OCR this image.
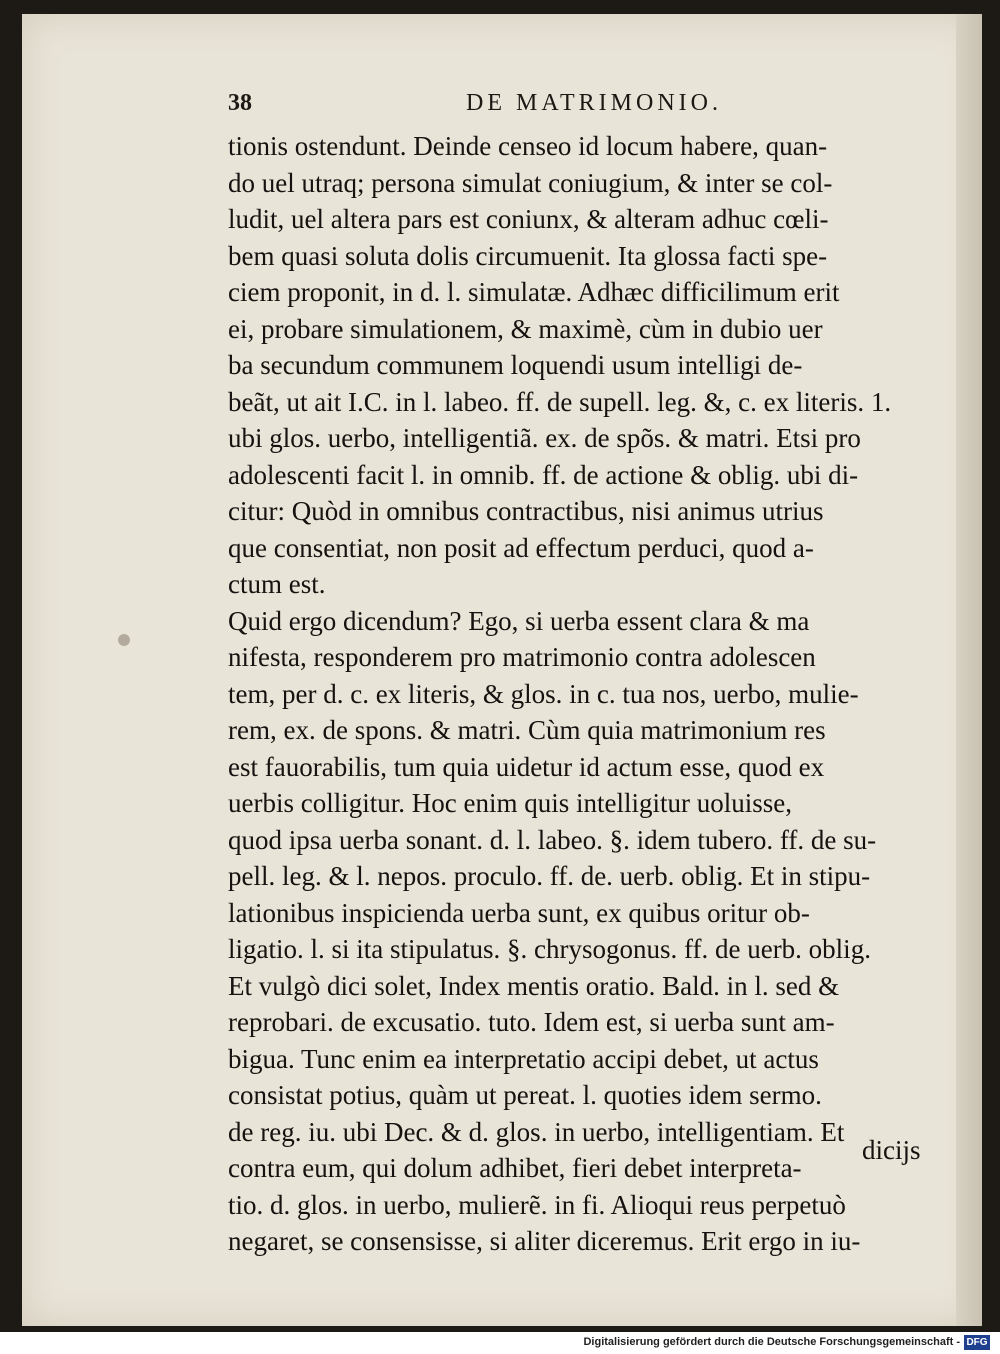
38	DE MATRIMONIO.
tionis ostendunt. Deinde censeo id locum habere, quan-
do uel utraq; persona simulat coniugium, & inter se col-
ludit, uel altera pars est coniunx, & alteram adhuc cœli-
bem quasi soluta dolis circumuenit. Ita glossa facti spe-
ciem proponit, in d. l. simulatæ. Adhæc difficilimum erit
ei, probare simulationem, & maximè, cùm in dubio uer
ba secundum communem loquendi usum intelligi de-
beãt, ut ait I.C. in l. labeo. ff. de supell. leg. &, c. ex literis. 1.
ubi glos. uerbo, intelligentiã. ex. de spõs. & matri. Etsi pro
adolescenti facit l. in omnib. ff. de actione & oblig. ubi di-
citur: Quòd in omnibus contractibus, nisi animus utrius
que consentiat, non posit ad effectum perduci, quod a-
ctum est.
Quid ergo dicendum? Ego, si uerba essent clara & ma
nifesta, responderem pro matrimonio contra adolescen
tem, per d. c. ex literis, & glos. in c. tua nos, uerbo, mulie-
rem, ex. de spons. & matri. Cùm quia matrimonium res
est fauorabilis, tum quia uidetur id actum esse, quod ex
uerbis colligitur. Hoc enim quis intelligitur uoluisse,
quod ipsa uerba sonant. d. l. labeo. §. idem tubero. ff. de su-
pell. leg. & l. nepos. proculo. ff. de. uerb. oblig. Et in stipu-
lationibus inspicienda uerba sunt, ex quibus oritur ob-
ligatio. l. si ita stipulatus. §. chrysogonus. ff. de uerb. oblig.
Et vulgò dici solet, Index mentis oratio. Bald. in l. sed &
reprobari. de excusatio. tuto. Idem est, si uerba sunt am-
bigua. Tunc enim ea interpretatio accipi debet, ut actus
consistat potius, quàm ut pereat. l. quoties idem sermo.
de reg. iu. ubi Dec. & d. glos. in uerbo, intelligentiam. Et
contra eum, qui dolum adhibet, fieri debet interpreta-
tio. d. glos. in uerbo, mulierẽ. in fi. Alioqui reus perpetuò
negaret, se consensisse, si aliter diceremus. Erit ergo in iu-
dicijs
Digitalisierung gefördert durch die Deutsche Forschungsgemeinschaft - DFG
